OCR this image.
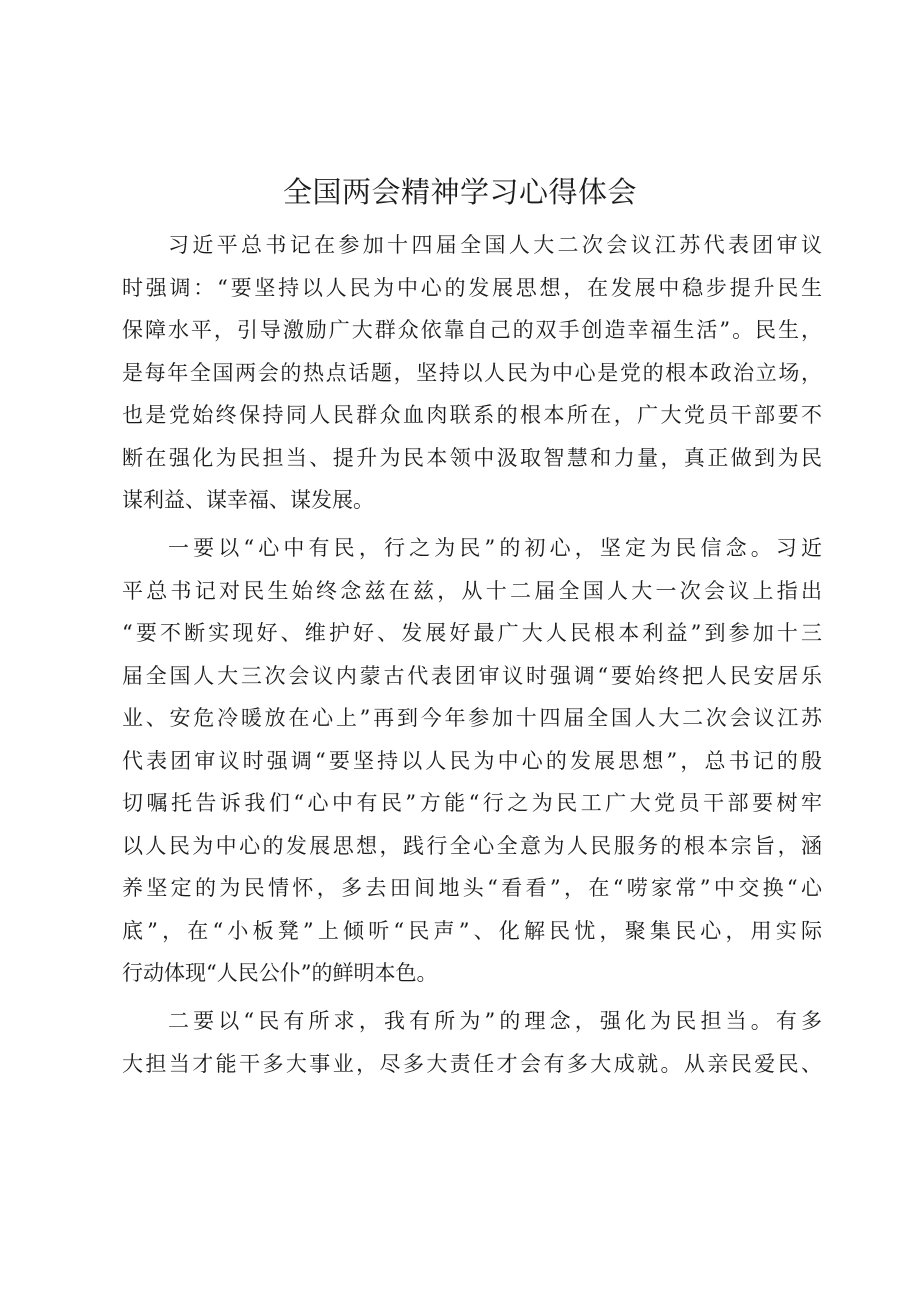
全国两会精神学习心得体会
习近平总书记在参加十四届全国人大二次会议江苏代表团审议
时强调：“要坚持以人民为中心的发展思想，在发展中稳步提升民生
保障水平，引导激励广大群众依靠自己的双手创造幸福生活”。民生，
是每年全国两会的热点话题，坚持以人民为中心是党的根本政治立场，
也是党始终保持同人民群众血肉联系的根本所在，广大党员干部要不
断在强化为民担当、提升为民本领中汲取智慧和力量，真正做到为民
谋利益、谋幸福、谋发展。
一要以“心中有民，行之为民”的初心，坚定为民信念。习近
平总书记对民生始终念兹在兹，从十二届全国人大一次会议上指出
“要不断实现好、维护好、发展好最广大人民根本利益”到参加十三
届全国人大三次会议内蒙古代表团审议时强调“要始终把人民安居乐
业、安危冷暖放在心上”再到今年参加十四届全国人大二次会议江苏
代表团审议时强调“要坚持以人民为中心的发展思想”，总书记的殷
切嘱托告诉我们“心中有民”方能“行之为民工广大党员干部要树牢
以人民为中心的发展思想，践行全心全意为人民服务的根本宗旨，涵
养坚定的为民情怀，多去田间地头“看看”，在“唠家常”中交换“心
底”，在“小板凳”上倾听“民声”、化解民忧，聚集民心，用实际
行动体现“人民公仆”的鲜明本色。
二要以“民有所求，我有所为”的理念，强化为民担当。有多
大担当才能干多大事业，尽多大责任才会有多大成就。从亲民爱民、
